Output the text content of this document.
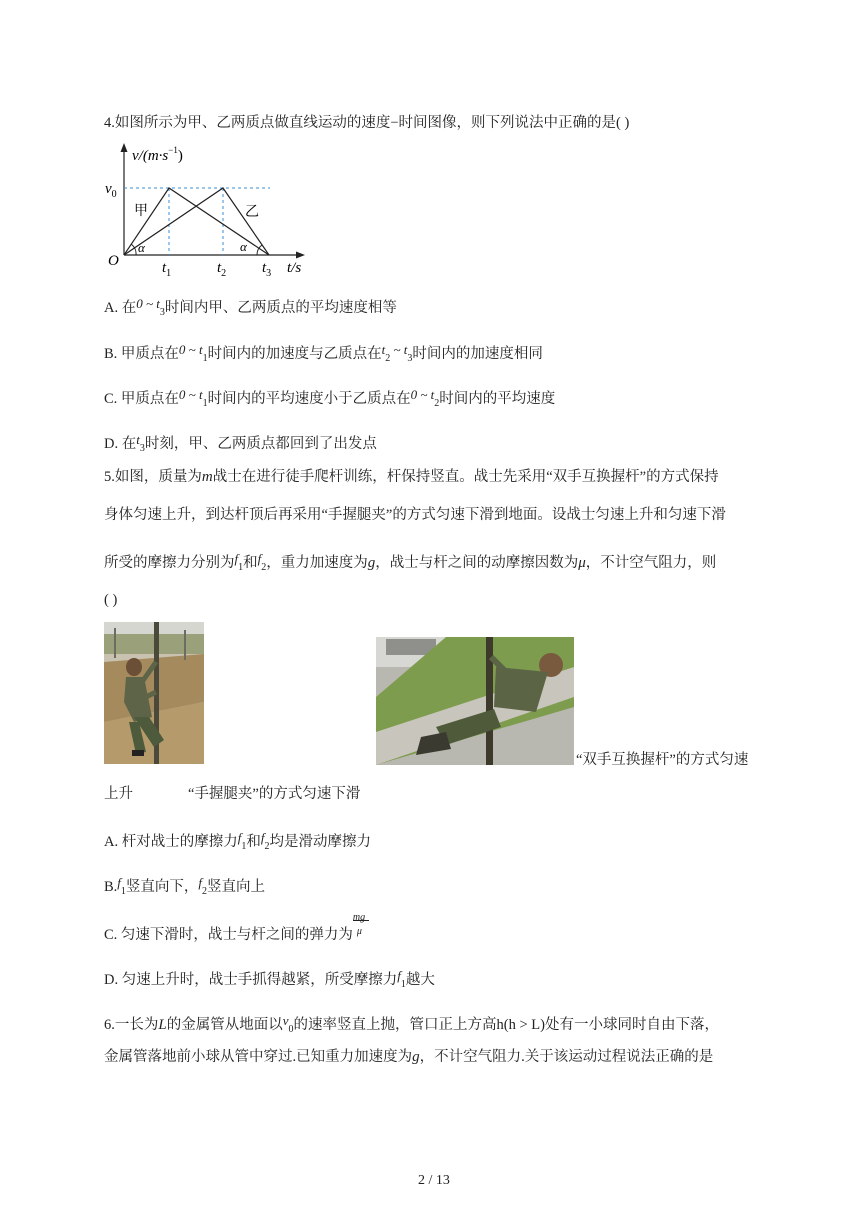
4.如图所示为甲、乙两质点做直线运动的速度−时间图像，则下列说法中正确的是( )
$v/(m\cdot s^{-1})$
$v_0$
O	$t_1$	$t_2$ $t_3$ t/s
甲	乙
α	α
A. 在0 ~ $t_3$时间内甲、乙两质点的平均速度相等
B. 甲质点在0 ~ $t_1$时间内的加速度与乙质点在$t_2$ ~ $t_3$时间内的加速度相同
C. 甲质点在0 ~ $t_1$时间内的平均速度小于乙质点在0 ~ $t_2$时间内的平均速度
D. 在$t_3$时刻，甲、乙两质点都回到了出发点
5.如图，质量为m战士在进行徒手爬杆训练，杆保持竖直。战士先采用“双手互换握杆”的方式保持
身体匀速上升，到达杆顶后再采用“手握腿夹”的方式匀速下滑到地面。设战士匀速上升和匀速下滑
所受的摩擦力分别为$f_1$和$f_2$，重力加速度为g，战士与杆之间的动摩擦因数为μ，不计空气阻力，则
( )
“双手互换握杆”的方式匀速
上升	“手握腿夹”的方式匀速下滑
A. 杆对战士的摩擦力$f_1$和$f_2$均是滑动摩擦力
$B.f_1$竖直向下，$f_2$竖直向上
C. 匀速下滑时，战士与杆之间的弹力为
mg
μ
D. 匀速上升时，战士手抓得越紧，所受摩擦力$f_1$越大
6.一长为L的金属管从地面以$v_0$的速率竖直上抛，管口正上方高h(h > L)处有一小球同时自由下落，
金属管落地前小球从管中穿过.已知重力加速度为g，不计空气阻力.关于该运动过程说法正确的是
2 / 13
